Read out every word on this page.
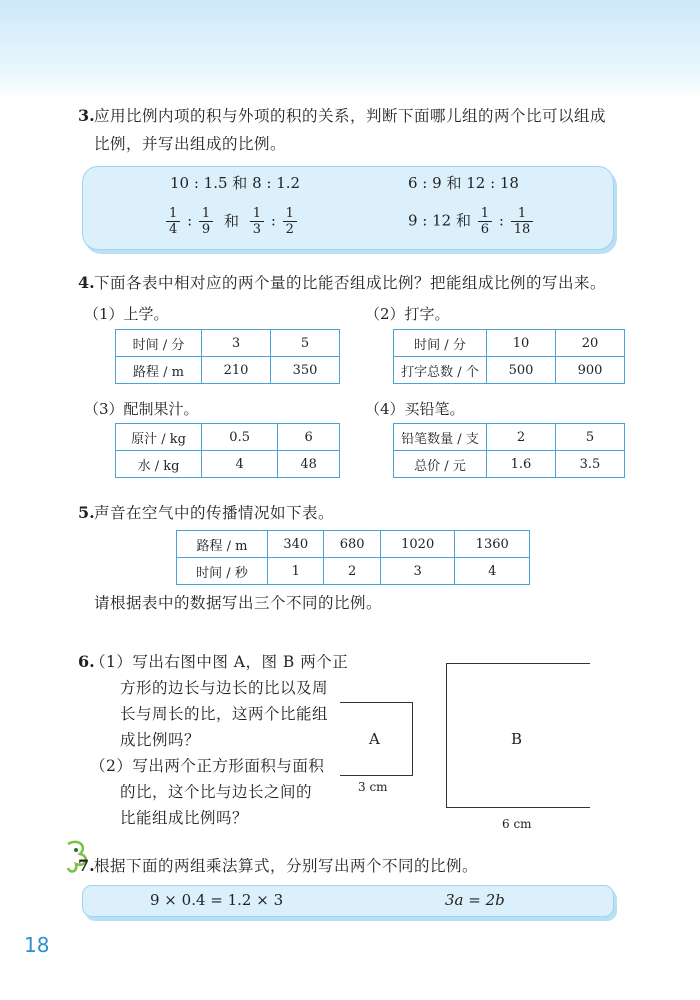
3. 应用比例内项的积与外项的积的关系，判断下面哪儿组的两个比可以组成
比例，并写出组成的比例。
10 : 1.5 和 8 : 1.2	6 : 9 和 12 : 18
$\frac{1}{4}$ : $\frac{1}{9}$ 和 $\frac{1}{3}$ : $\frac{1}{2}$	9 : 12 和 $\frac{1}{6}$ : $\frac{1}{18}$
4. 下面各表中相对应的两个量的比能否组成比例？把能组成比例的写出来。
（1）上学。
时间 / 分	3	5
路程 / m	210	350
（2）打字。
时间 / 分	10	20
打字总数 / 个	500	900
（3）配制果汁。
原汁 / kg	0.5	6
水 / kg	4	48
（4）买铅笔。
铅笔数量 / 支	2	5
总价 / 元	1.6	3.5
5. 声音在空气中的传播情况如下表。
路程 / m	340	680	1020	1360
时间 / 秒	1	2	3	4
请根据表中的数据写出三个不同的比例。
6.
（1）写出右图中图 A，图 B 两个正
方形的边长与边长的比以及周
长与周长的比，这两个比能组
成比例吗？
（2）写出两个正方形面积与面积
的比，这个比与边长之间的
比能组成比例吗？
A
3 cm
B
6 cm
7. 根据下面的两组乘法算式，分别写出两个不同的比例。
9 × 0.4 = 1.2 × 3	3a = 2b
18
